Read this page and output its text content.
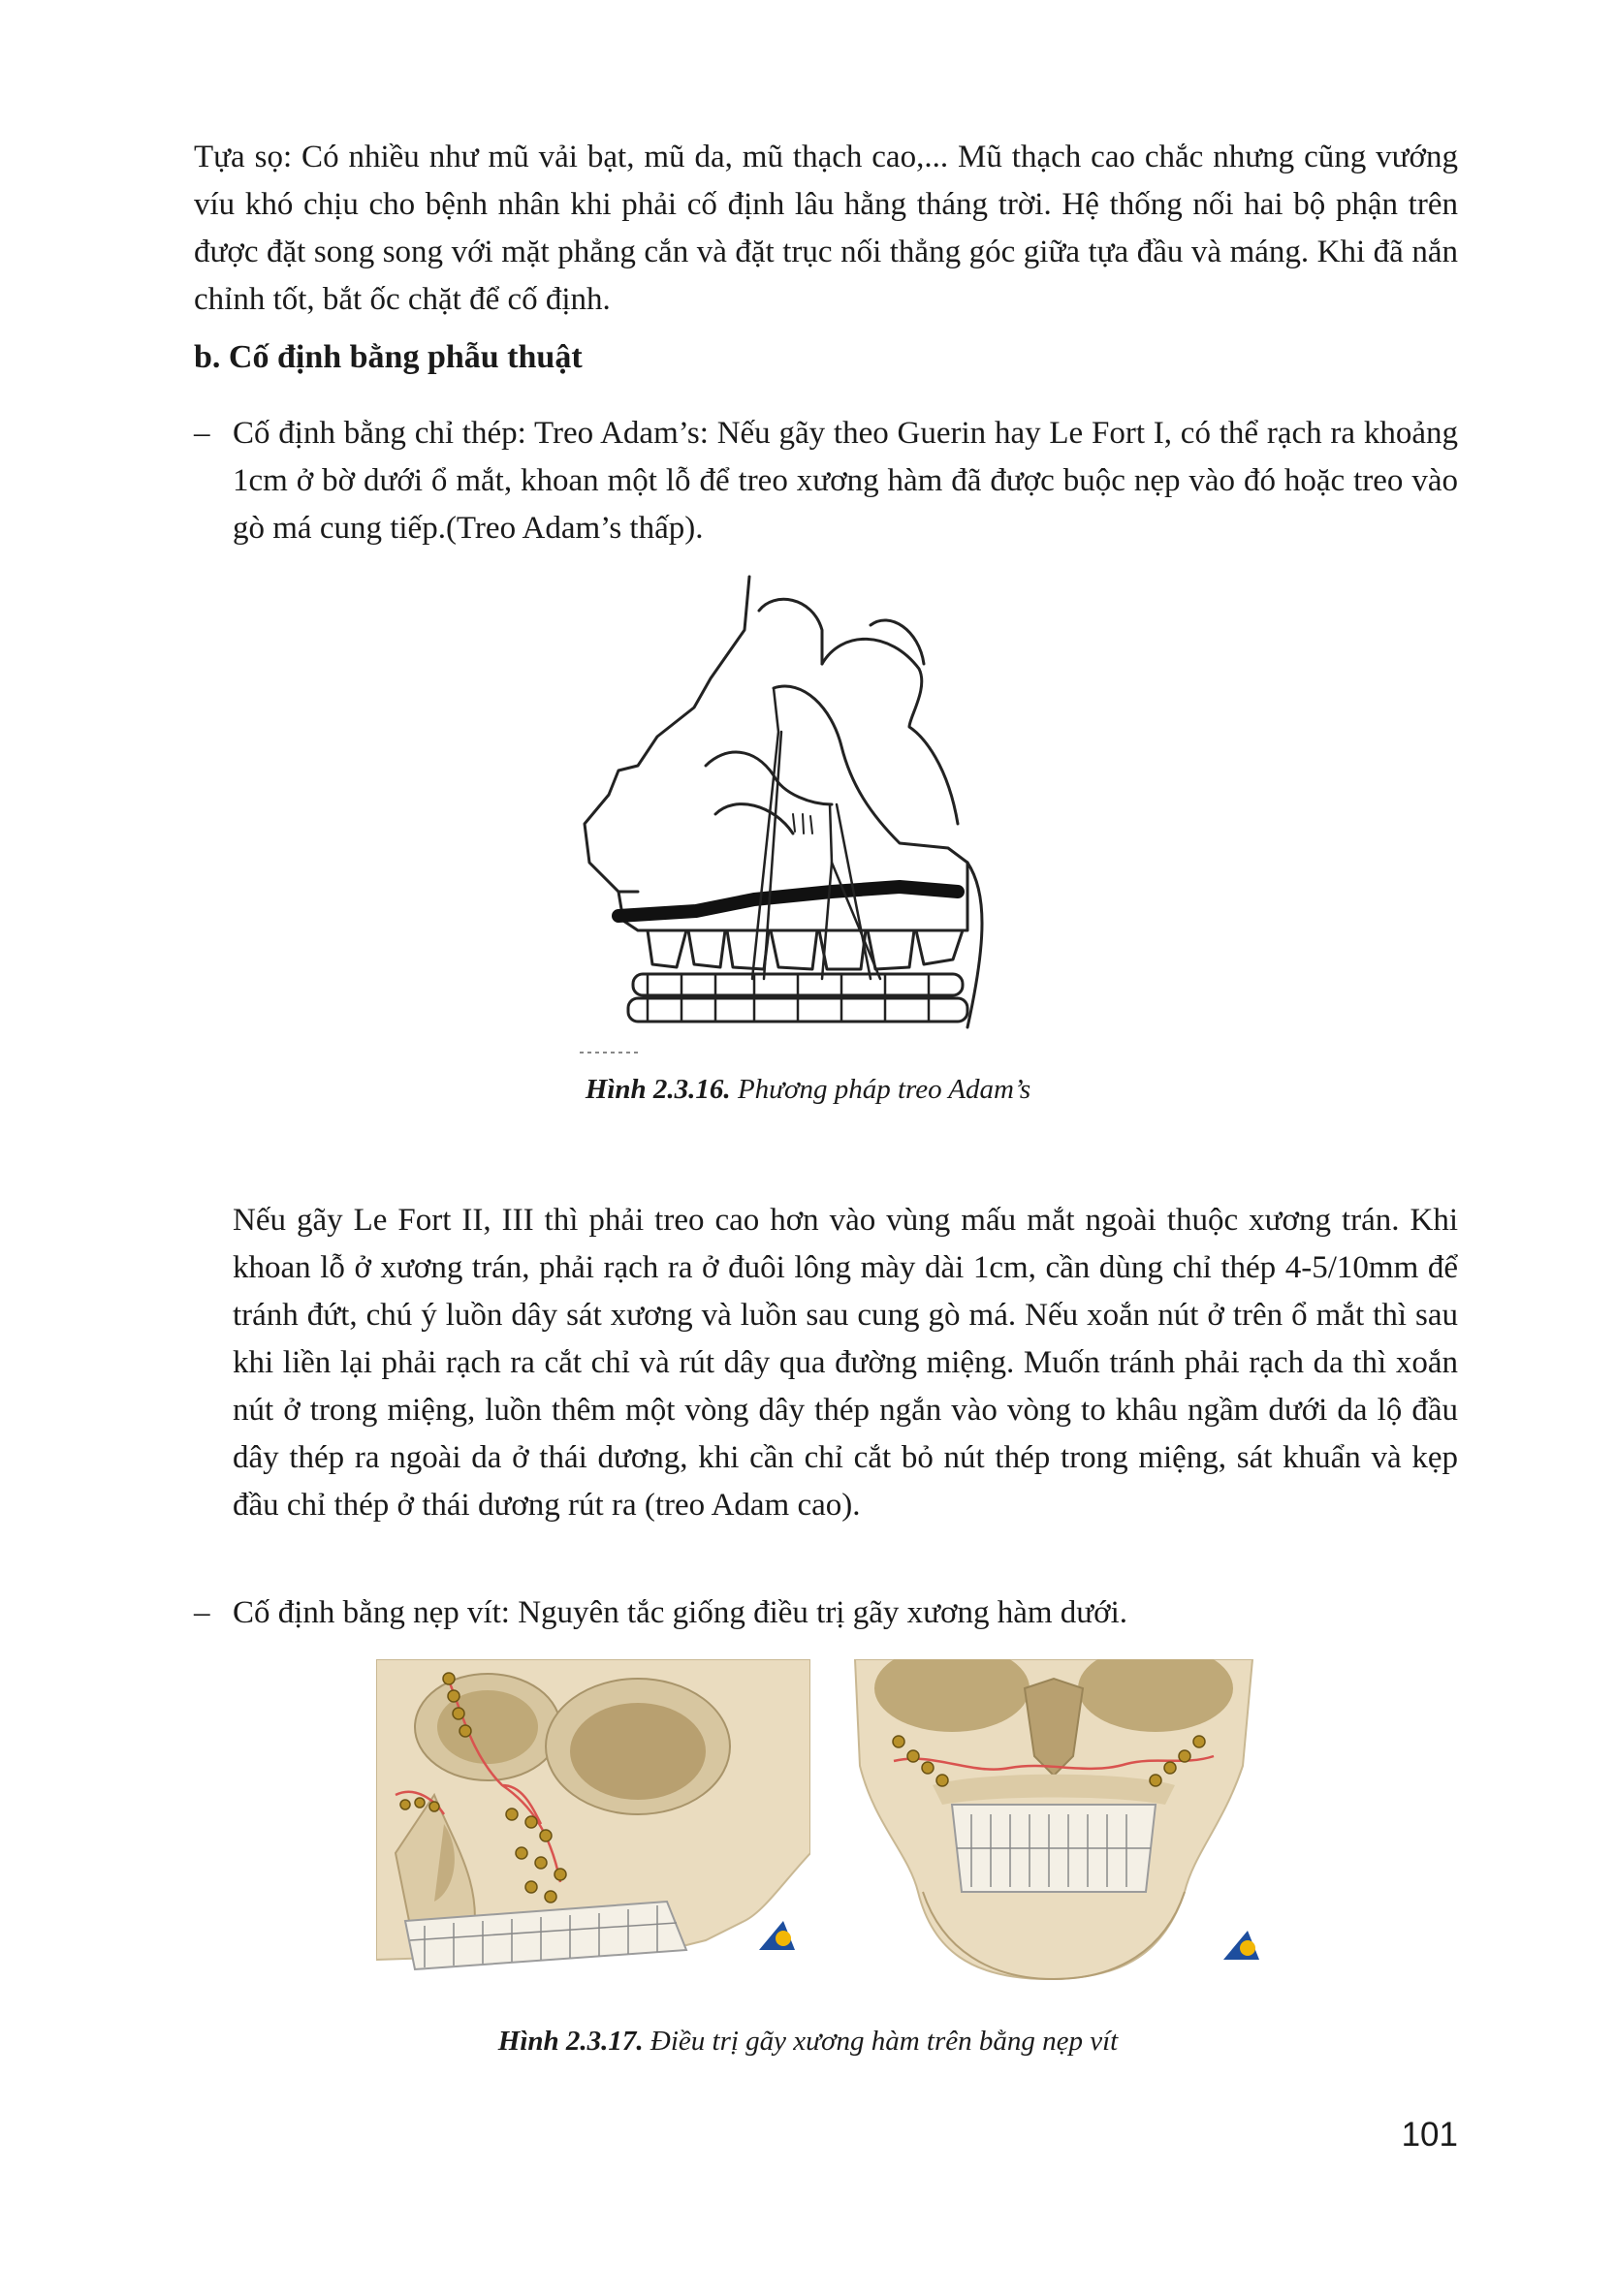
Tựa sọ: Có nhiều như mũ vải bạt, mũ da, mũ thạch cao,... Mũ thạch cao chắc nhưng cũng vướng víu khó chịu cho bệnh nhân khi phải cố định lâu hằng tháng trời. Hệ thống nối hai bộ phận trên được đặt song song với mặt phẳng cắn và đặt trục nối thẳng góc giữa tựa đầu và máng. Khi đã nắn chỉnh tốt, bắt ốc chặt để cố định.
b. Cố định bằng phẫu thuật
– Cố định bằng chỉ thép: Treo Adam’s: Nếu gãy theo Guerin hay Le Fort I, có thể rạch ra khoảng 1cm ở bờ dưới ổ mắt, khoan một lỗ để treo xương hàm đã được buộc nẹp vào đó hoặc treo vào gò má cung tiếp.(Treo Adam’s thấp).
Hình 2.3.16. Phương pháp treo Adam’s
Nếu gãy Le Fort II, III thì phải treo cao hơn vào vùng mấu mắt ngoài thuộc xương trán. Khi khoan lỗ ở xương trán, phải rạch ra ở đuôi lông mày dài 1cm, cần dùng chỉ thép 4-5/10mm để tránh đứt, chú ý luồn dây sát xương và luồn sau cung gò má. Nếu xoắn nút ở trên ổ mắt thì sau khi liền lại phải rạch ra cắt chỉ và rút dây qua đường miệng. Muốn tránh phải rạch da thì xoắn nút ở trong miệng, luồn thêm một vòng dây thép ngắn vào vòng to khâu ngầm dưới da lộ đầu dây thép ra ngoài da ở thái dương, khi cần chỉ cắt bỏ nút thép trong miệng, sát khuẩn và kẹp đầu chỉ thép ở thái dương rút ra (treo Adam cao).
– Cố định bằng nẹp vít: Nguyên tắc giống điều trị gãy xương hàm dưới.
Hình 2.3.17. Điều trị gãy xương hàm trên bằng nẹp vít
101
